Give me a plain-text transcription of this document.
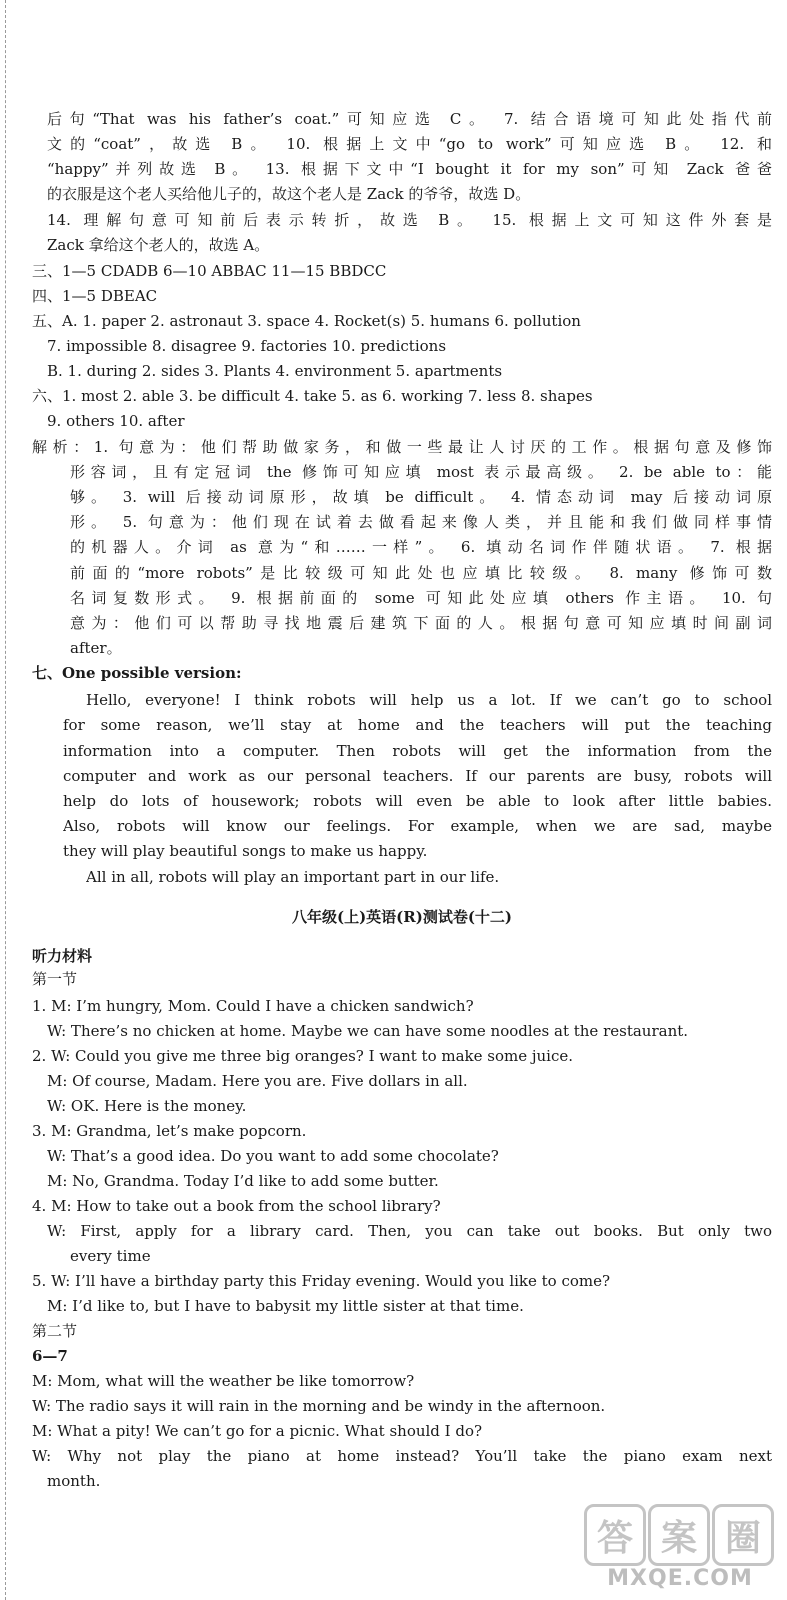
后句“That was his father’s coat.”可知应选 C。 7. 结合语境可知此处指代前
文的“coat”，故选 B。 10. 根据上文中“go to work”可知应选 B。 12. 和
“happy”并列故选 B。 13. 根据下文中“I bought it for my son”可知 Zack 爸爸
的衣服是这个老人买给他儿子的，故这个老人是 Zack 的爷爷，故选 D。
14. 理解句意可知前后表示转折，故选 B。 15. 根据上文可知这件外套是
Zack 拿给这个老人的，故选 A。
三、1—5 CDADB 6—10 ABBAC 11—15 BBDCC
四、1—5 DBEAC
五、A. 1. paper 2. astronaut 3. space 4. Rocket(s) 5. humans 6. pollution
7. impossible 8. disagree 9. factories 10. predictions
B. 1. during 2. sides 3. Plants 4. environment 5. apartments
六、1. most 2. able 3. be difficult 4. take 5. as 6. working 7. less 8. shapes
9. others 10. after
解析：1. 句意为：他们帮助做家务，和做一些最让人讨厌的工作。根据句意及修饰
形容词，且有定冠词 the 修饰可知应填 most 表示最高级。 2. be able to：能
够。 3. will 后接动词原形，故填 be difficult。 4. 情态动词 may 后接动词原
形。 5. 句意为：他们现在试着去做看起来像人类，并且能和我们做同样事情
的机器人。介词 as 意为“和……一样”。 6. 填动名词作伴随状语。 7. 根据
前面的“more robots”是比较级可知此处也应填比较级。 8. many 修饰可数
名词复数形式。 9. 根据前面的 some 可知此处应填 others 作主语。 10. 句
意为：他们可以帮助寻找地震后建筑下面的人。根据句意可知应填时间副词
after。
七、One possible version:
Hello, everyone! I think robots will help us a lot. If we can’t go to school
for some reason, we’ll stay at home and the teachers will put the teaching
information into a computer. Then robots will get the information from the
computer and work as our personal teachers. If our parents are busy, robots will
help do lots of housework; robots will even be able to look after little babies.
Also, robots will know our feelings. For example, when we are sad, maybe
they will play beautiful songs to make us happy.
All in all, robots will play an important part in our life.
八年级(上)英语(R)测试卷(十二)
听力材料
第一节
1. M: I’m hungry, Mom. Could I have a chicken sandwich?
W: There’s no chicken at home. Maybe we can have some noodles at the restaurant.
2. W: Could you give me three big oranges? I want to make some juice.
M: Of course, Madam. Here you are. Five dollars in all.
W: OK. Here is the money.
3. M: Grandma, let’s make popcorn.
W: That’s a good idea. Do you want to add some chocolate?
M: No, Grandma. Today I’d like to add some butter.
4. M: How to take out a book from the school library?
W: First, apply for a library card. Then, you can take out books. But only two
every time
5. W: I’ll have a birthday party this Friday evening. Would you like to come?
M: I’d like to, but I have to babysit my little sister at that time.
第二节
6—7
M: Mom, what will the weather be like tomorrow?
W: The radio says it will rain in the morning and be windy in the afternoon.
M: What a pity! We can’t go for a picnic. What should I do?
W: Why not play the piano at home instead? You’ll take the piano exam next
month.
答 案 圈
MXQE.COM
